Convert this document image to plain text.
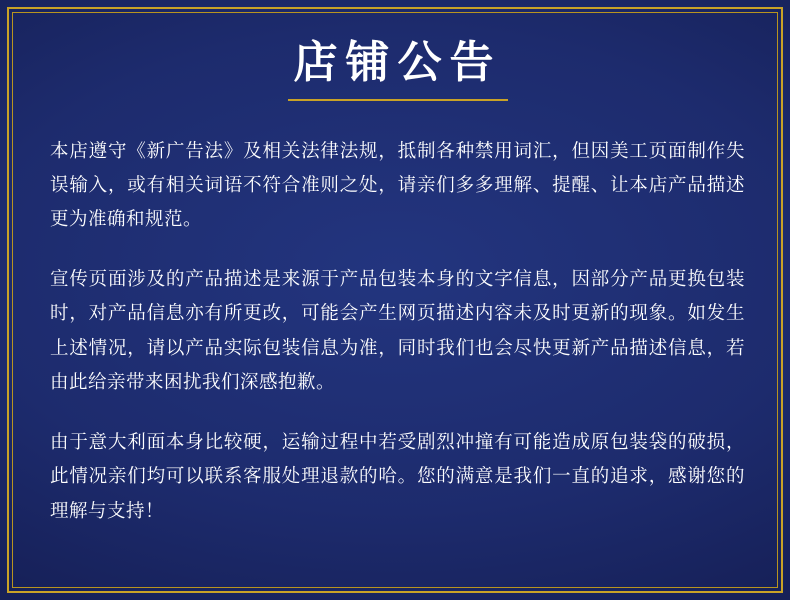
店铺公告

本店遵守《新广告法》及相关法律法规，抵制各种禁用词汇，但因美工页面制作失误输入，或有相关词语不符合准则之处，请亲们多多理解、提醒、让本店产品描述更为准确和规范。

宣传页面涉及的产品描述是来源于产品包装本身的文字信息，因部分产品更换包装时，对产品信息亦有所更改，可能会产生网页描述内容未及时更新的现象。如发生上述情况，请以产品实际包装信息为准，同时我们也会尽快更新产品描述信息，若由此给亲带来困扰我们深感抱歉。

由于意大利面本身比较硬，运输过程中若受剧烈冲撞有可能造成原包装袋的破损，此情况亲们均可以联系客服处理退款的哈。您的满意是我们一直的追求，感谢您的理解与支持！
